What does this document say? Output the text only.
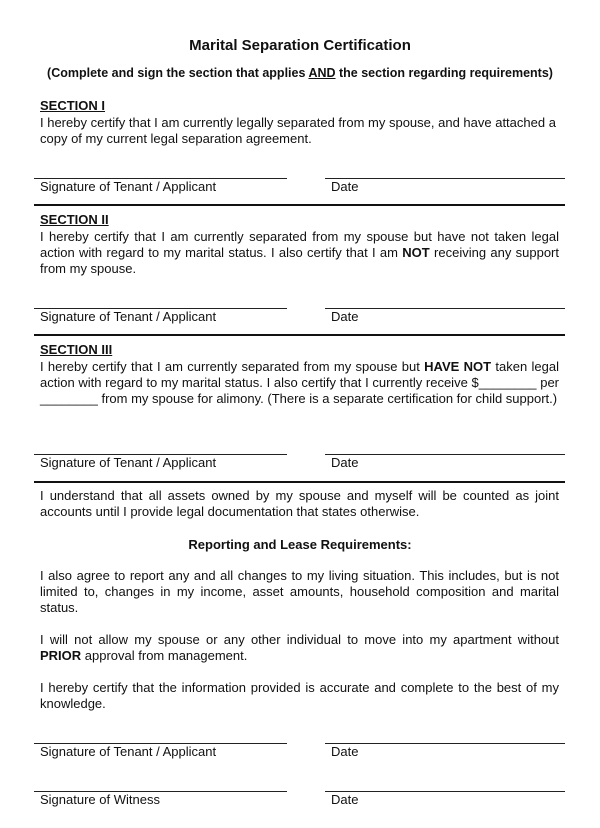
Marital Separation Certification
(Complete and sign the section that applies AND the section regarding requirements)
SECTION I
I hereby certify that I am currently legally separated from my spouse, and have attached a copy of my current legal separation agreement.
Signature of Tenant / Applicant	Date
SECTION II
I hereby certify that I am currently separated from my spouse but have not taken legal action with regard to my marital status. I also certify that I am NOT receiving any support from my spouse.
Signature of Tenant / Applicant	Date
SECTION III
I hereby certify that I am currently separated from my spouse but HAVE NOT taken legal action with regard to my marital status. I also certify that I currently receive $________ per ________ from my spouse for alimony. (There is a separate certification for child support.)
Signature of Tenant / Applicant	Date
I understand that all assets owned by my spouse and myself will be counted as joint accounts until I provide legal documentation that states otherwise.
Reporting and Lease Requirements:
I also agree to report any and all changes to my living situation. This includes, but is not limited to, changes in my income, asset amounts, household composition and marital status.
I will not allow my spouse or any other individual to move into my apartment without PRIOR approval from management.
I hereby certify that the information provided is accurate and complete to the best of my knowledge.
Signature of Tenant / Applicant	Date
Signature of Witness	Date
